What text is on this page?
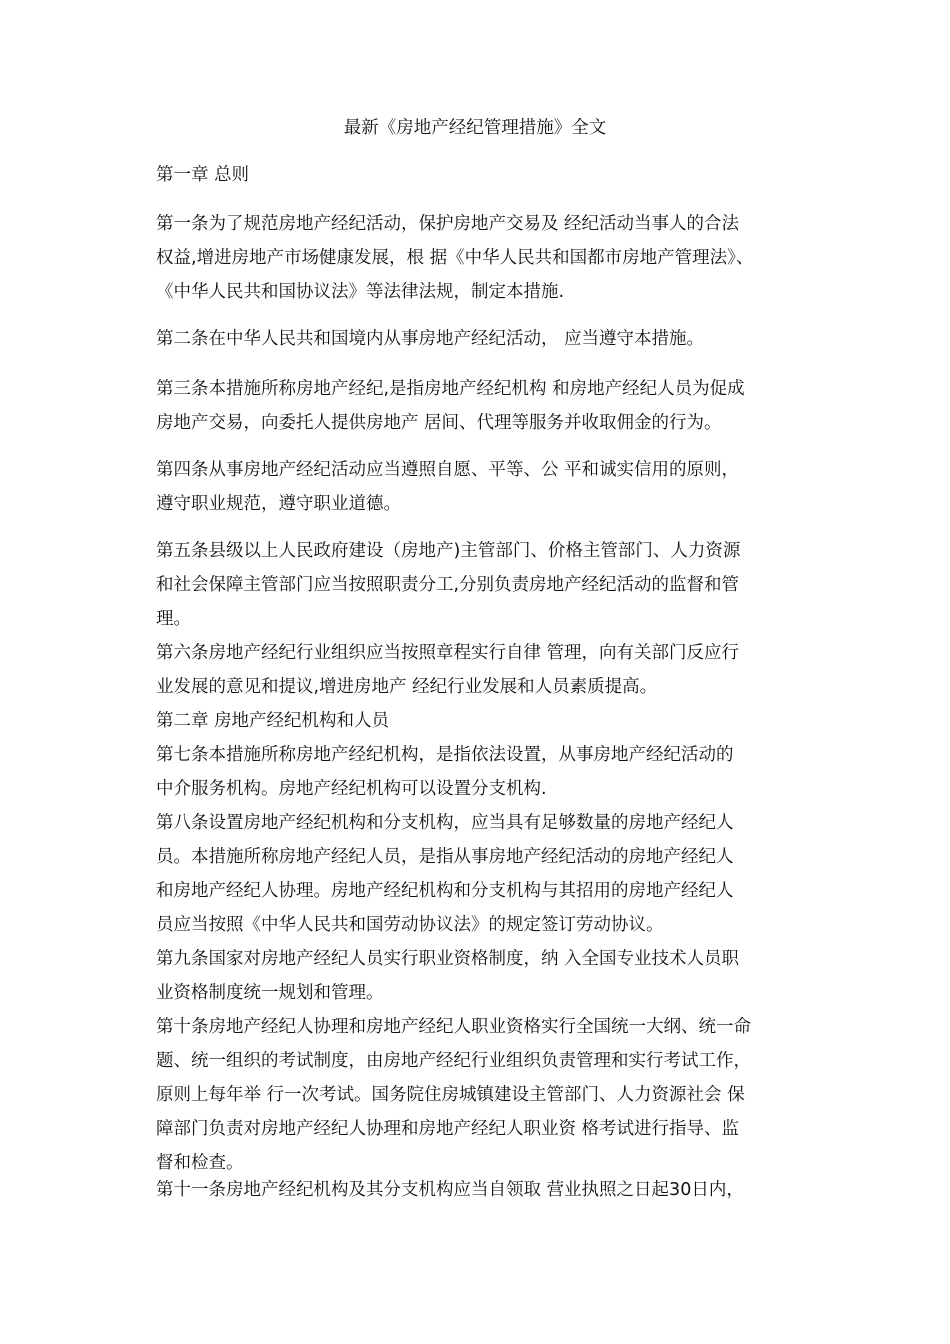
最新《房地产经纪管理措施》全文
第一章 总则

第一条为了规范房地产经纪活动，保护房地产交易及 经纪活动当事人的合法

权益,增进房地产市场健康发展，根 据《中华人民共和国都市房地产管理法》、

《中华人民共和国协议法》等法律法规，制定本措施.

第二条在中华人民共和国境内从事房地产经纪活动， 应当遵守本措施。

第三条本措施所称房地产经纪,是指房地产经纪机构 和房地产经纪人员为促成

房地产交易，向委托人提供房地产 居间、代理等服务并收取佣金的行为。

第四条从事房地产经纪活动应当遵照自愿、平等、公 平和诚实信用的原则，

遵守职业规范，遵守职业道德。

第五条县级以上人民政府建设（房地产)主管部门、价格主管部门、人力资源

和社会保障主管部门应当按照职责分工,分别负责房地产经纪活动的监督和管

理。

第六条房地产经纪行业组织应当按照章程实行自律 管理，向有关部门反应行

业发展的意见和提议,增进房地产 经纪行业发展和人员素质提高。

第二章 房地产经纪机构和人员

第七条本措施所称房地产经纪机构，是指依法设置，从事房地产经纪活动的

中介服务机构。房地产经纪机构可以设置分支机构.

第八条设置房地产经纪机构和分支机构，应当具有足够数量的房地产经纪人

员。本措施所称房地产经纪人员，是指从事房地产经纪活动的房地产经纪人

和房地产经纪人协理。房地产经纪机构和分支机构与其招用的房地产经纪人

员应当按照《中华人民共和国劳动协议法》的规定签订劳动协议。

第九条国家对房地产经纪人员实行职业资格制度，纳 入全国专业技术人员职

业资格制度统一规划和管理。

第十条房地产经纪人协理和房地产经纪人职业资格实行全国统一大纲、统一命

题、统一组织的考试制度，由房地产经纪行业组织负责管理和实行考试工作，

原则上每年举 行一次考试。国务院住房城镇建设主管部门、人力资源社会 保

障部门负责对房地产经纪人协理和房地产经纪人职业资 格考试进行指导、监

督和检查。

第十一条房地产经纪机构及其分支机构应当自领取 营业执照之日起30日内，
